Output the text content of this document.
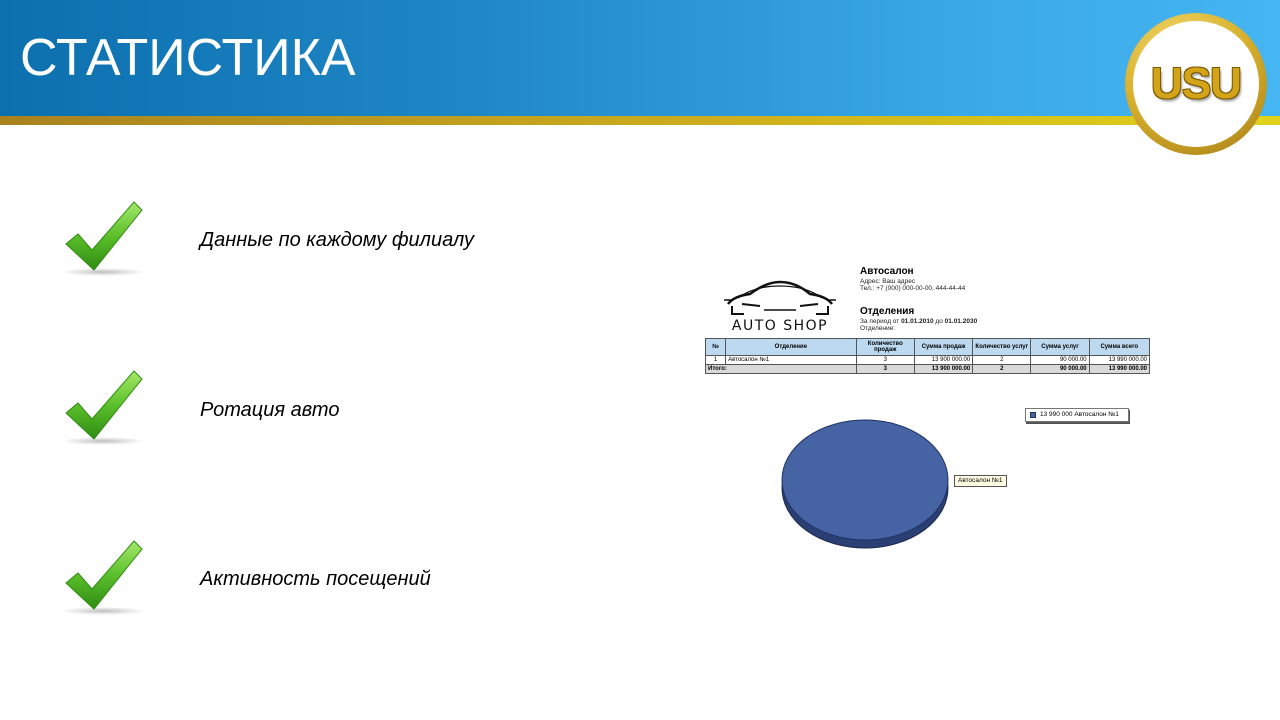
СТАТИСТИКА	USU
Данные по каждому филиалу
Ротация авто
Активность посещений
AUTO SHOP
Автосалон
Адрес: Ваш адрес
Тел.: +7 (000) 000-00-00, 444-44-44
Отделения
За период от 01.01.2010 до 01.01.2030
Отделение:
№	Отделение	Количество продаж	Сумма продаж	Количество услуг	Сумма услуг	Сумма всего
1	Автосалон №1	3	13 900 000.00	2	90 000.00	13 990 000.00
Итого:		3	13 900 000.00	2	90 000.00	13 990 000.00
13 990 000 Автосалон №1
Автосалон №1
